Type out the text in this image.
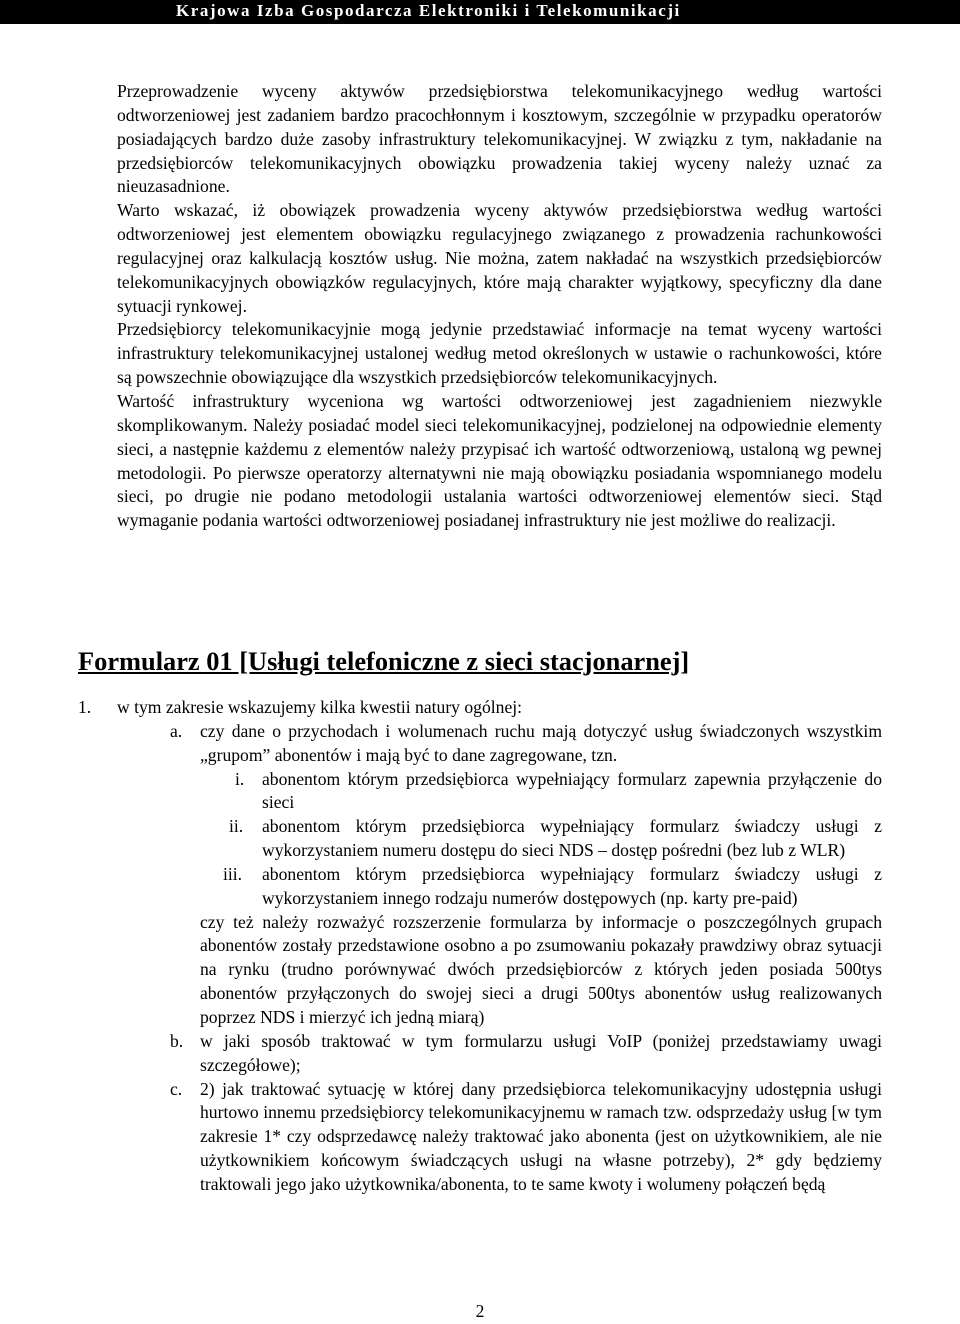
Krajowa Izba Gospodarcza Elektroniki i Telekomunikacji

Przeprowadzenie wyceny aktywów przedsiębiorstwa telekomunikacyjnego według wartości odtworzeniowej jest zadaniem bardzo pracochłonnym i kosztowym, szczególnie w przypadku operatorów posiadających bardzo duże zasoby infrastruktury telekomunikacyjnej. W związku z tym, nakładanie na przedsiębiorców telekomunikacyjnych obowiązku prowadzenia takiej wyceny należy uznać za nieuzasadnione.

Warto wskazać, iż obowiązek prowadzenia wyceny aktywów przedsiębiorstwa według wartości odtworzeniowej jest elementem obowiązku regulacyjnego związanego z prowadzenia rachunkowości regulacyjnej oraz kalkulacją kosztów usług. Nie można, zatem nakładać na wszystkich przedsiębiorców telekomunikacyjnych obowiązków regulacyjnych, które mają charakter wyjątkowy, specyficzny dla dane sytuacji rynkowej.

Przedsiębiorcy telekomunikacyjnie mogą jedynie przedstawiać informacje na temat wyceny wartości infrastruktury telekomunikacyjnej ustalonej według metod określonych w ustawie o rachunkowości, które są powszechnie obowiązujące dla wszystkich przedsiębiorców telekomunikacyjnych.

Wartość infrastruktury wyceniona wg wartości odtworzeniowej jest zagadnieniem niezwykle skomplikowanym. Należy posiadać model sieci telekomunikacyjnej, podzielonej na odpowiednie elementy sieci, a następnie każdemu z elementów należy przypisać ich wartość odtworzeniową, ustaloną wg pewnej metodologii. Po pierwsze operatorzy alternatywni nie mają obowiązku posiadania wspomnianego modelu sieci, po drugie nie podano metodologii ustalania wartości odtworzeniowej elementów sieci. Stąd wymaganie podania wartości odtworzeniowej posiadanej infrastruktury nie jest możliwe do realizacji.

Formularz 01 [Usługi telefoniczne z sieci stacjonarnej]
1. w tym zakresie wskazujemy kilka kwestii natury ogólnej:
a. czy dane o przychodach i wolumenach ruchu mają dotyczyć usług świadczonych wszystkim „grupom” abonentów i mają być to dane zagregowane, tzn.
i. abonentom którym przedsiębiorca wypełniający formularz zapewnia przyłączenie do sieci
ii. abonentom którym przedsiębiorca wypełniający formularz świadczy usługi z wykorzystaniem numeru dostępu do sieci NDS – dostęp pośredni (bez lub z WLR)
iii. abonentom którym przedsiębiorca wypełniający formularz świadczy usługi z wykorzystaniem innego rodzaju numerów dostępowych (np. karty pre-paid)
czy też należy rozważyć rozszerzenie formularza by informacje o poszczególnych grupach abonentów zostały przedstawione osobno a po zsumowaniu pokazały prawdziwy obraz sytuacji na rynku (trudno porównywać dwóch przedsiębiorców z których jeden posiada 500tys abonentów przyłączonych do swojej sieci a drugi 500tys abonentów usług realizowanych poprzez NDS i mierzyć ich jedną miarą)
b. w jaki sposób traktować w tym formularzu usługi VoIP (poniżej przedstawiamy uwagi szczegółowe);
c. 2) jak traktować sytuację w której dany przedsiębiorca telekomunikacyjny udostępnia usługi hurtowo innemu przedsiębiorcy telekomunikacyjnemu w ramach tzw. odsprzedaży usług [w tym zakresie 1* czy odsprzedawcę należy traktować jako abonenta (jest on użytkownikiem, ale nie użytkownikiem końcowym świadczących usługi na własne potrzeby), 2* gdy będziemy traktowali jego jako użytkownika/abonenta, to te same kwoty i wolumeny połączeń będą
2
